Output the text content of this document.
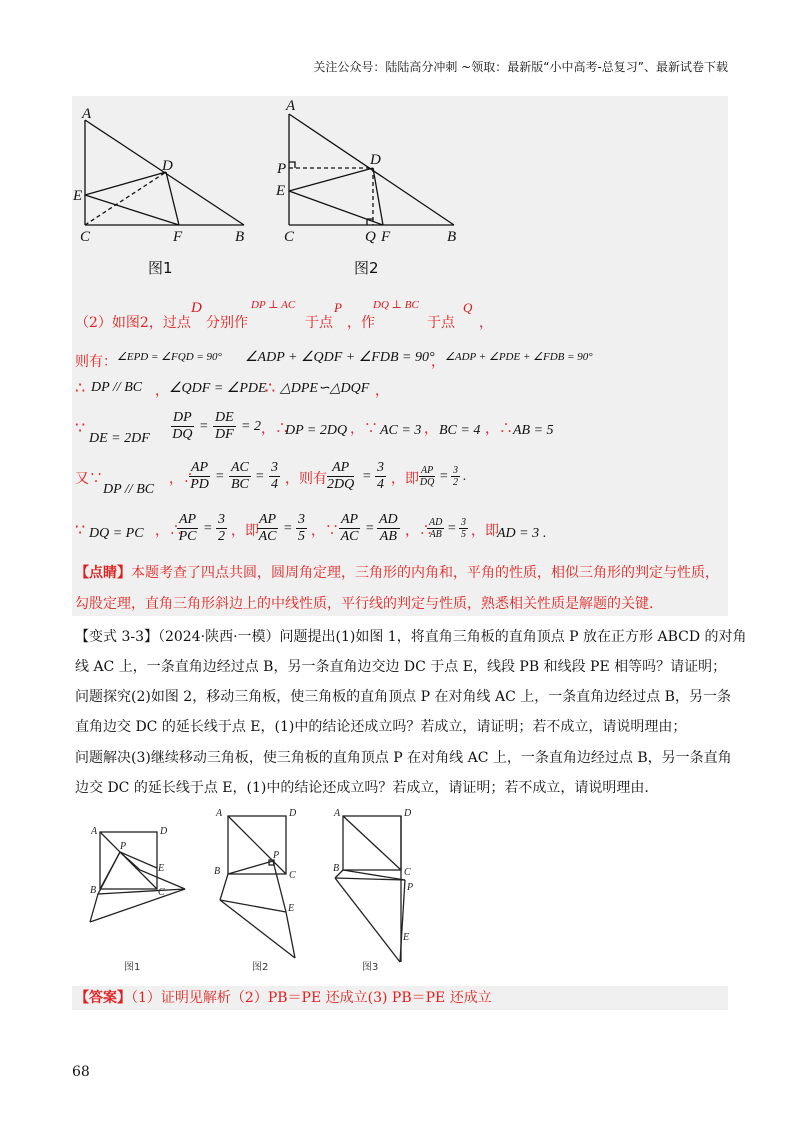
关注公众号：陆陆高分冲刺 ~领取：最新版“小中高考-总复习”、最新试卷下载
A
D
E
C	F	B
A
P
D
E
C	Q F	B
图1	图2
（2）如图2，过点
D
分别作
DP ⊥ AC
于点
P
，作
DQ ⊥ BC
于点
Q
，
则有： ∠EPD = ∠FQD = 90° ∠ADP + ∠QDF + ∠FDB = 90°
， ∠ADP + ∠PDE + ∠FDB = 90°
∴ DP // BC ， ∠QDF = ∠PDE
∴ △DPE∽△DQF ，
∵
DE = $2DF \frac{DP}{DQ} = \frac{DE}{DF} = 2$ ，∴
DP = 2DQ ，∵ AC = 3 ， BC = 4 ，∴ AB = 5
又∵
DP // BC
，∴
$\frac{AP}{PD} = \frac{AC}{BC} = \frac{3}{4}$ ，则有 $\frac{AP}{2DQ} = \frac{3}{4}$ ，即 $\frac{AP}{DQ} = \frac{3}{2}$ .
∵ DQ = PC ，∴
$\frac{AP}{PC} = \frac{3}{2}$ ，即
$\frac{AP}{AC} = \frac{3}{5}$ ，∵ $\frac{AP}{AC} = \frac{AD}{AB}$ ，∴
$\frac{AD}{AB} = \frac{3}{5}$ ，即
AD = 3 .
【点睛】本题考查了四点共圆，圆周角定理，三角形的内角和，平角的性质，相似三角形的判定与性质，
勾股定理，直角三角形斜边上的中线性质，平行线的判定与性质，熟悉相关性质是解题的关键.
【变式 3-3】（2024·陕西·一模）问题提出(1)如图 1，将直角三角板的直角顶点 P 放在正方形 ABCD 的对角
线 AC 上，一条直角边经过点 B，另一条直角边交边 DC 于点 E，线段 PB 和线段 PE 相等吗？请证明；
问题探究(2)如图 2，移动三角板，使三角板的直角顶点 P 在对角线 AC 上，一条直角边经过点 B，另一条
直角边交 DC 的延长线于点 E，(1)中的结论还成立吗？若成立，请证明；若不成立，请说明理由；
问题解决(3)继续移动三角板，使三角板的直角顶点 P 在对角线 AC 上，一条直角边经过点 B，另一条直角
边交 DC 的延长线于点 E，(1)中的结论还成立吗？若成立，请证明；若不成立，请说明理由.
A	D
P
E
B	C
A	D
P
B	C
E
A	D
B	C
P
E
图1	图2	图3
【答案】（1）证明见解析（2）PB＝PE 还成立(3) PB＝PE 还成立
68
